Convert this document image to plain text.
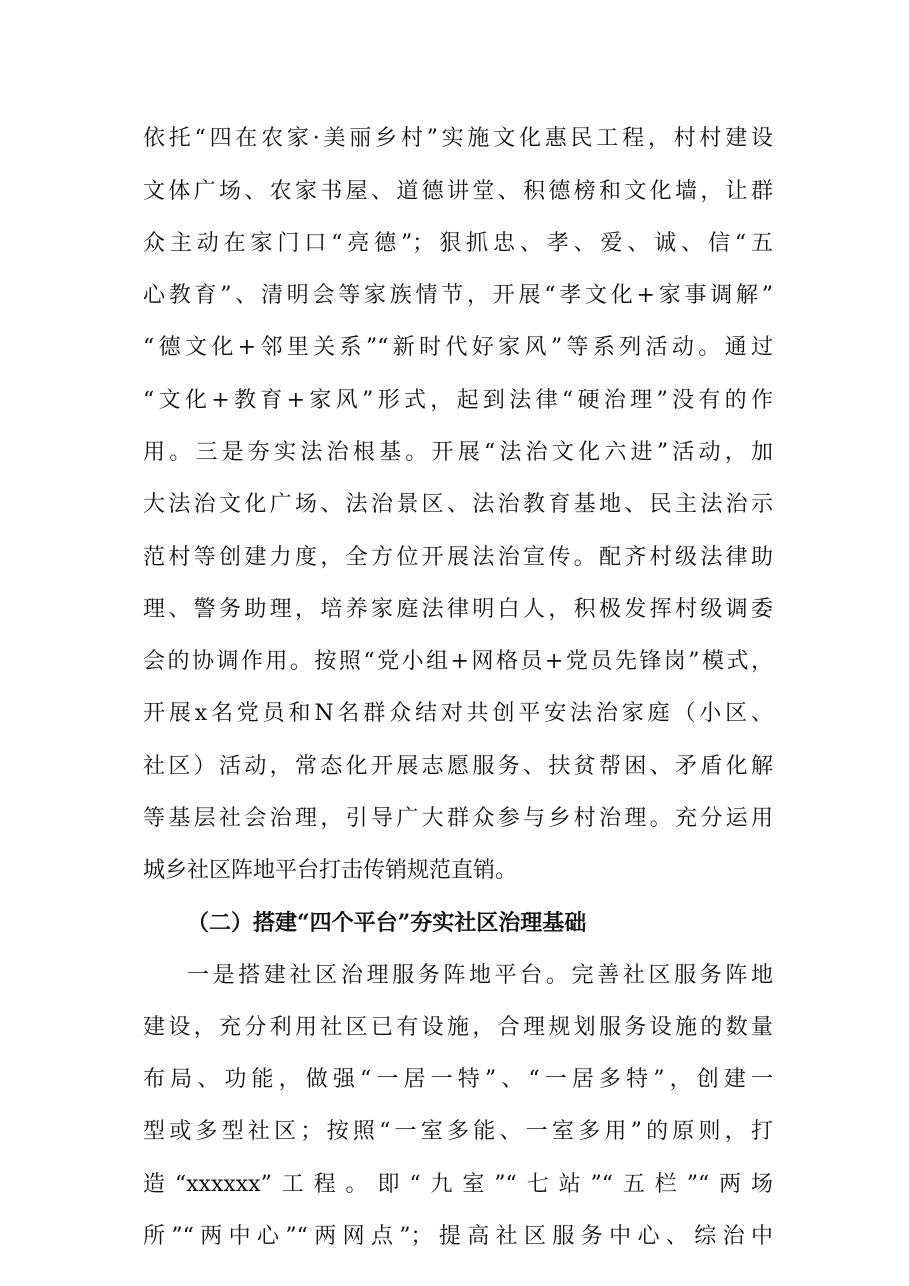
依托“四在农家·美丽乡村”实施文化惠民工程，村村建设
文体广场、农家书屋、道德讲堂、积德榜和文化墙，让群
众主动在家门口“亮德”；狠抓忠、孝、爱、诚、信“五
心教育”、清明会等家族情节，开展“孝文化+家事调解”
“德文化+邻里关系”“新时代好家风”等系列活动。通过
“文化+教育+家风”形式，起到法律“硬治理”没有的作
用。三是夯实法治根基。开展“法治文化六进”活动，加
大法治文化广场、法治景区、法治教育基地、民主法治示
范村等创建力度，全方位开展法治宣传。配齐村级法律助
理、警务助理，培养家庭法律明白人，积极发挥村级调委
会的协调作用。按照“党小组+网格员+党员先锋岗”模式，
开展x名党员和N名群众结对共创平安法治家庭（小区、
社区）活动，常态化开展志愿服务、扶贫帮困、矛盾化解
等基层社会治理，引导广大群众参与乡村治理。充分运用
城乡社区阵地平台打击传销规范直销。
（二）搭建“四个平台”夯实社区治理基础
一是搭建社区治理服务阵地平台。完善社区服务阵地
建设，充分利用社区已有设施，合理规划服务设施的数量
布局、功能，做强“一居一特”、“一居多特”，创建一
型或多型社区；按照“一室多能、一室多用”的原则，打
造“xxxxxx”工程。即“九室”“七站”“五栏”“两场
所”“两中心”“两网点”；提高社区服务中心、综治中
